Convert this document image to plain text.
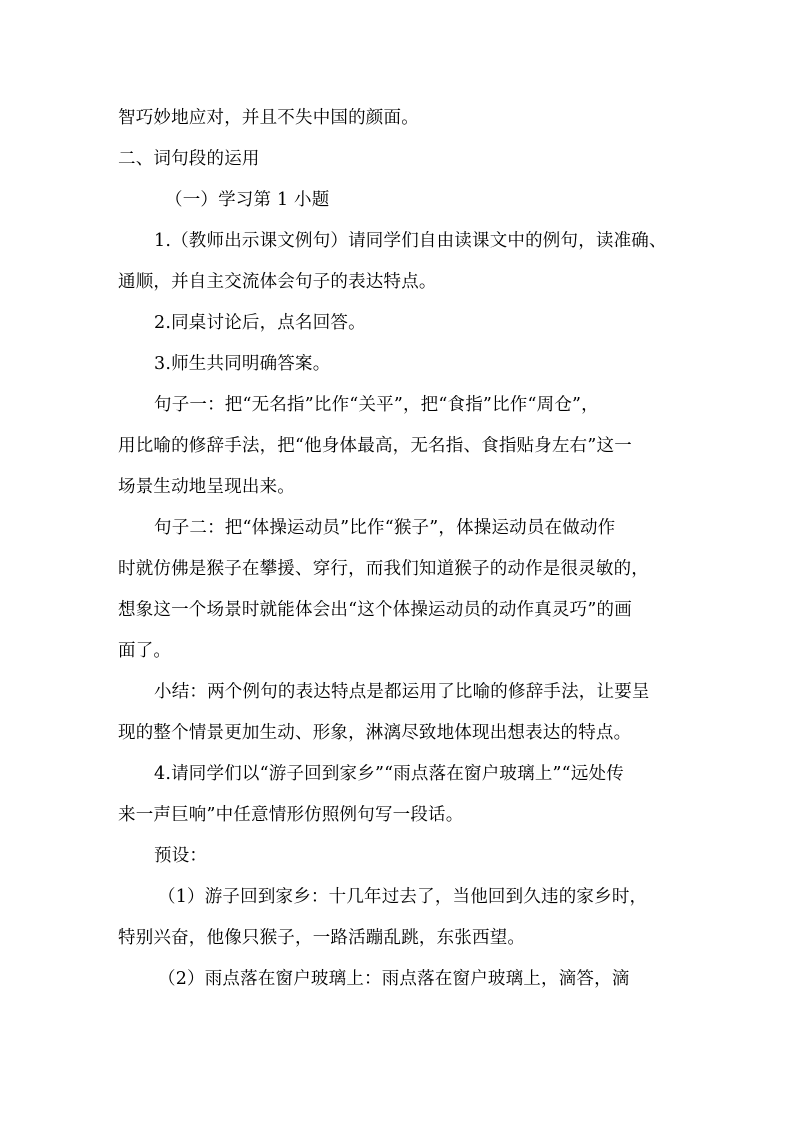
智巧妙地应对，并且不失中国的颜面。
二、词句段的运用
（一）学习第 1 小题
1.（教师出示课文例句）请同学们自由读课文中的例句，读准确、
通顺，并自主交流体会句子的表达特点。
2.同桌讨论后，点名回答。
3.师生共同明确答案。
句子一：把“无名指”比作“关平”，把“食指”比作“周仓”，
用比喻的修辞手法，把“他身体最高，无名指、食指贴身左右”这一
场景生动地呈现出来。
句子二：把“体操运动员”比作“猴子”，体操运动员在做动作
时就仿佛是猴子在攀援、穿行，而我们知道猴子的动作是很灵敏的，
想象这一个场景时就能体会出“这个体操运动员的动作真灵巧”的画
面了。
小结：两个例句的表达特点是都运用了比喻的修辞手法，让要呈
现的整个情景更加生动、形象，淋漓尽致地体现出想表达的特点。
4.请同学们以“游子回到家乡”“雨点落在窗户玻璃上”“远处传
来一声巨响”中任意情形仿照例句写一段话。
预设：
（1）游子回到家乡：十几年过去了，当他回到久违的家乡时，
特别兴奋，他像只猴子，一路活蹦乱跳，东张西望。
（2）雨点落在窗户玻璃上：雨点落在窗户玻璃上，滴答，滴
